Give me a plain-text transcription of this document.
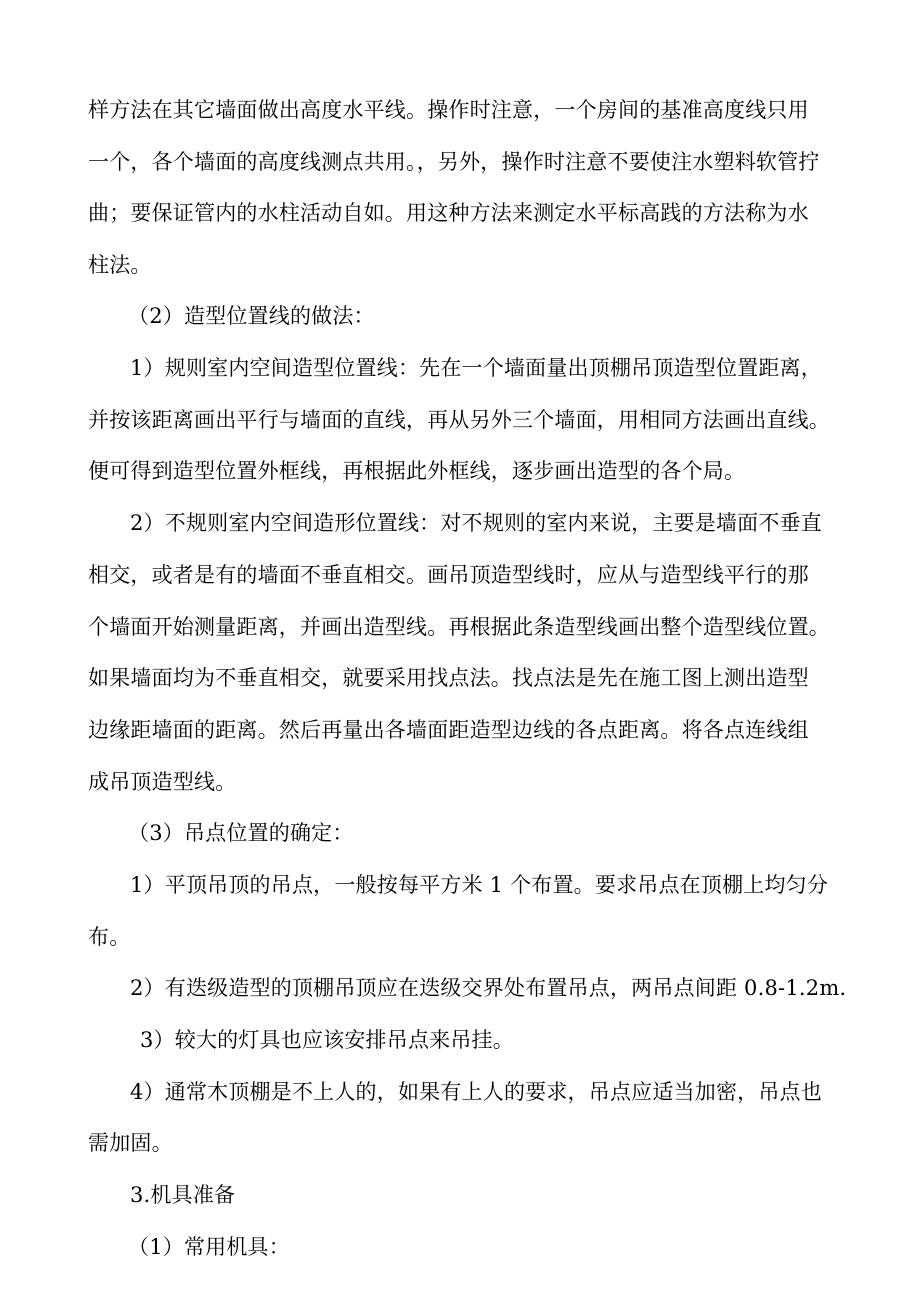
样方法在其它墙面做出高度水平线。操作时注意，一个房间的基准高度线只用
一个，各个墙面的高度线测点共用。，另外，操作时注意不要使注水塑料软管拧
曲；要保证管内的水柱活动自如。用这种方法来测定水平标高践的方法称为水
柱法。
（2）造型位置线的做法：
1）规则室内空间造型位置线：先在一个墙面量出顶棚吊顶造型位置距离，
并按该距离画出平行与墙面的直线，再从另外三个墙面，用相同方法画出直线。
便可得到造型位置外框线，再根据此外框线，逐步画出造型的各个局。
2）不规则室内空间造形位置线：对不规则的室内来说，主要是墙面不垂直
相交，或者是有的墙面不垂直相交。画吊顶造型线时，应从与造型线平行的那
个墙面开始测量距离，并画出造型线。再根据此条造型线画出整个造型线位置。
如果墙面均为不垂直相交，就要采用找点法。找点法是先在施工图上测出造型
边缘距墙面的距离。然后再量出各墙面距造型边线的各点距离。将各点连线组
成吊顶造型线。
（3）吊点位置的确定：
1）平顶吊顶的吊点，一般按每平方米 1 个布置。要求吊点在顶棚上均匀分
布。
2）有迭级造型的顶棚吊顶应在迭级交界处布置吊点，两吊点间距 0.8-1.2m.
3）较大的灯具也应该安排吊点来吊挂。
4）通常木顶棚是不上人的，如果有上人的要求，吊点应适当加密，吊点也
需加固。
3.机具准备
（1）常用机具：
